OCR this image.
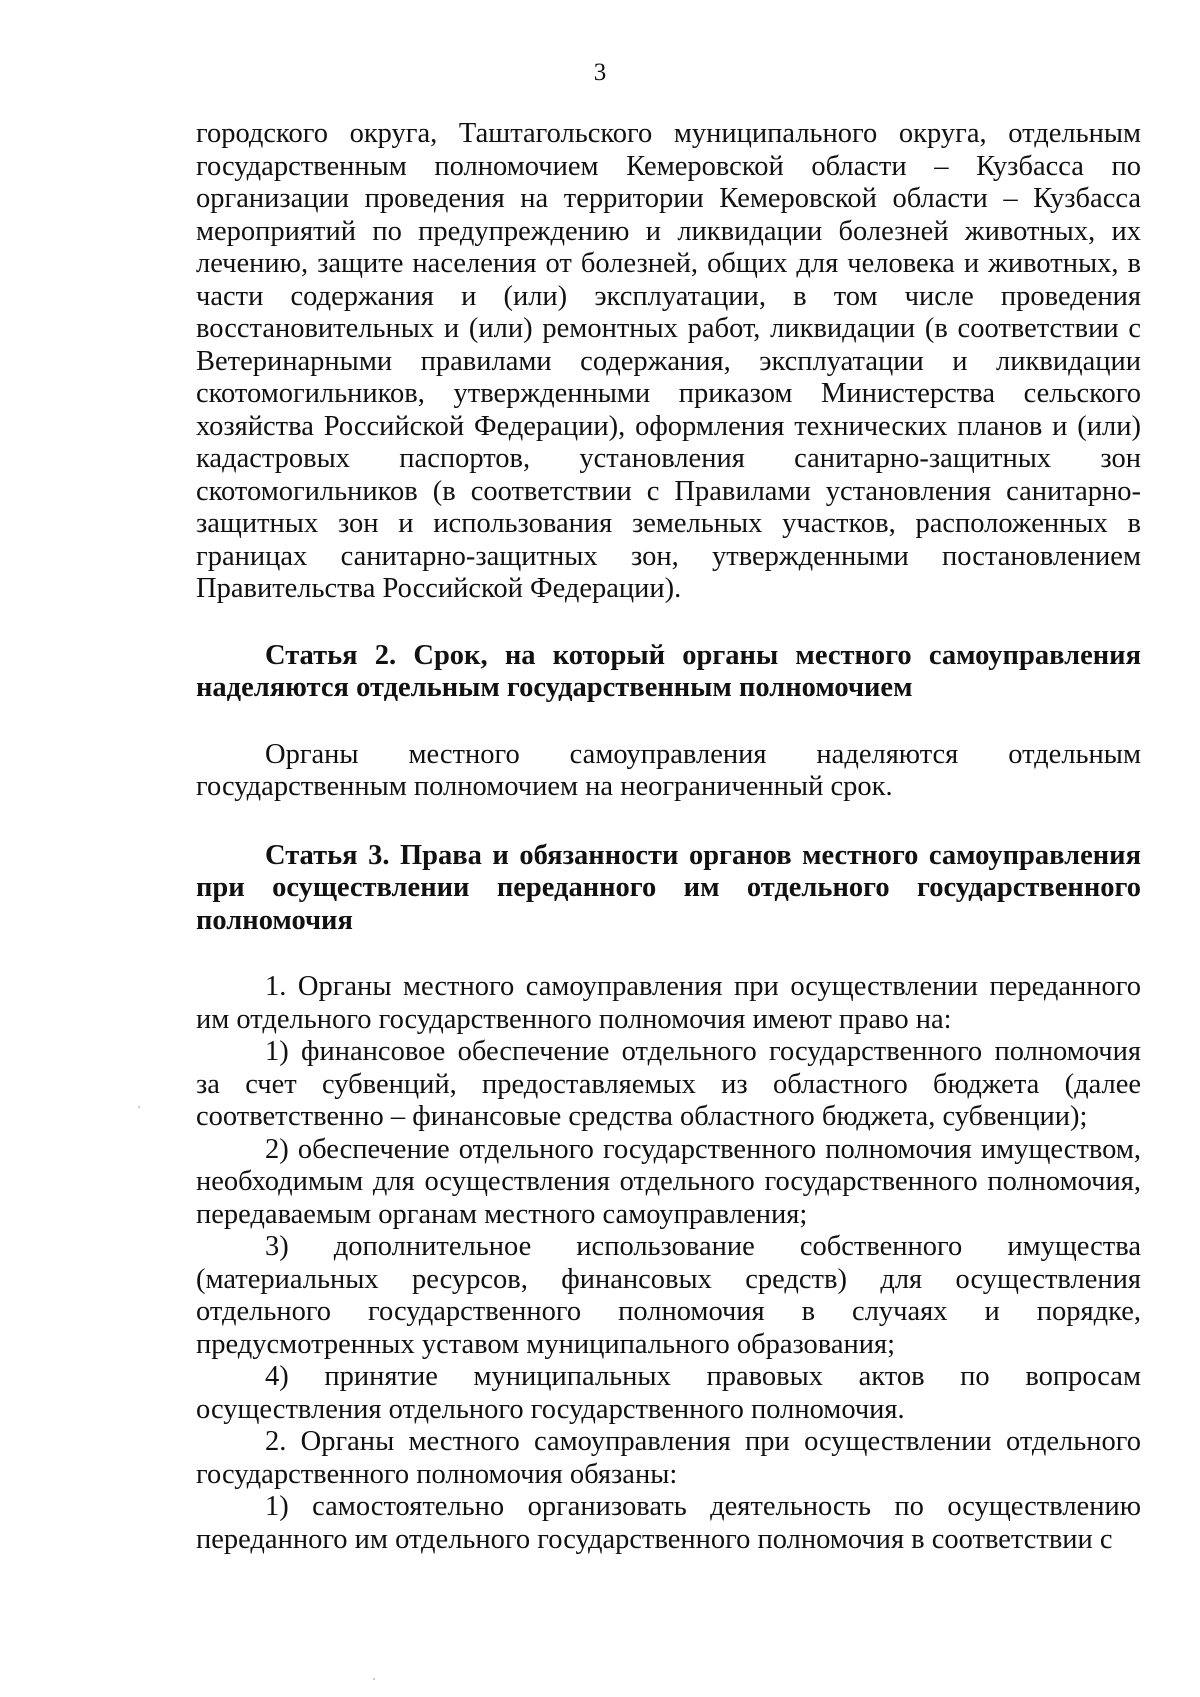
3

городского округа, Таштагольского муниципального округа, отдельным государственным полномочием Кемеровской области – Кузбасса по организации проведения на территории Кемеровской области – Кузбасса мероприятий по предупреждению и ликвидации болезней животных, их лечению, защите населения от болезней, общих для человека и животных, в части содержания и (или) эксплуатации, в том числе проведения восстановительных и (или) ремонтных работ, ликвидации (в соответствии с Ветеринарными правилами содержания, эксплуатации и ликвидации скотомогильников, утвержденными приказом Министерства сельского хозяйства Российской Федерации), оформления технических планов и (или) кадастровых паспортов, установления санитарно-защитных зон скотомогильников (в соответствии с Правилами установления санитарно-защитных зон и использования земельных участков, расположенных в границах санитарно-защитных зон, утвержденными постановлением Правительства Российской Федерации).

Статья 2. Срок, на который органы местного самоуправления наделяются отдельным государственным полномочием

Органы местного самоуправления наделяются отдельным государственным полномочием на неограниченный срок.

Статья 3. Права и обязанности органов местного самоуправления при осуществлении переданного им отдельного государственного полномочия

1. Органы местного самоуправления при осуществлении переданного им отдельного государственного полномочия имеют право на:

1) финансовое обеспечение отдельного государственного полномочия за счет субвенций, предоставляемых из областного бюджета (далее соответственно – финансовые средства областного бюджета, субвенции);

2) обеспечение отдельного государственного полномочия имуществом, необходимым для осуществления отдельного государственного полномочия, передаваемым органам местного самоуправления;

3) дополнительное использование собственного имущества (материальных ресурсов, финансовых средств) для осуществления отдельного государственного полномочия в случаях и порядке, предусмотренных уставом муниципального образования;

4) принятие муниципальных правовых актов по вопросам осуществления отдельного государственного полномочия.

2. Органы местного самоуправления при осуществлении отдельного государственного полномочия обязаны:

1) самостоятельно организовать деятельность по осуществлению переданного им отдельного государственного полномочия в соответствии с
